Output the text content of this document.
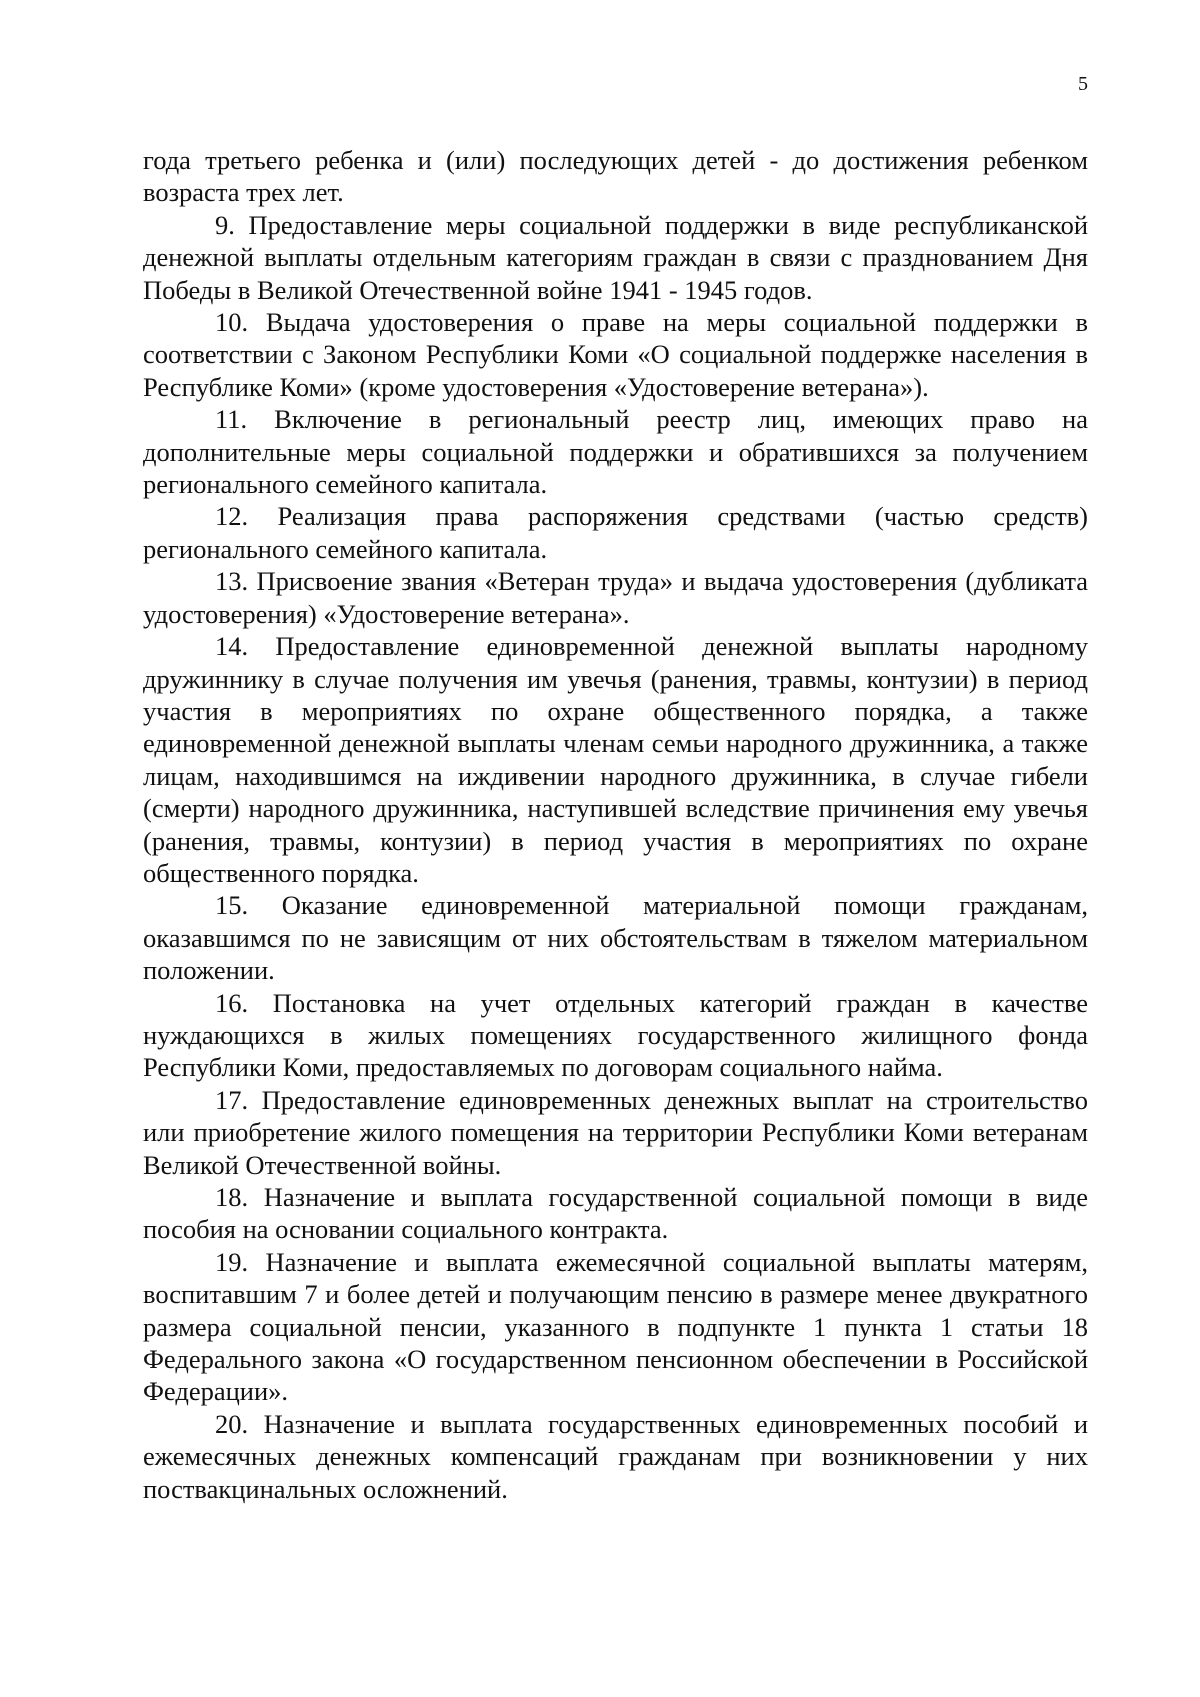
5

года третьего ребенка и (или) последующих детей - до достижения ребенком возраста трех лет.

9. Предоставление меры социальной поддержки в виде республиканской денежной выплаты отдельным категориям граждан в связи с празднованием Дня Победы в Великой Отечественной войне 1941 - 1945 годов.

10. Выдача удостоверения о праве на меры социальной поддержки в соответствии с Законом Республики Коми «О социальной поддержке населения в Республике Коми» (кроме удостоверения «Удостоверение ветерана»).

11. Включение в региональный реестр лиц, имеющих право на дополнительные меры социальной поддержки и обратившихся за получением регионального семейного капитала.

12. Реализация права распоряжения средствами (частью средств) регионального семейного капитала.

13. Присвоение звания «Ветеран труда» и выдача удостоверения (дубликата удостоверения) «Удостоверение ветерана».

14. Предоставление единовременной денежной выплаты народному дружиннику в случае получения им увечья (ранения, травмы, контузии) в период участия в мероприятиях по охране общественного порядка, а также единовременной денежной выплаты членам семьи народного дружинника, а также лицам, находившимся на иждивении народного дружинника, в случае гибели (смерти) народного дружинника, наступившей вследствие причинения ему увечья (ранения, травмы, контузии) в период участия в мероприятиях по охране общественного порядка.

15. Оказание единовременной материальной помощи гражданам, оказавшимся по не зависящим от них обстоятельствам в тяжелом материальном положении.

16. Постановка на учет отдельных категорий граждан в качестве нуждающихся в жилых помещениях государственного жилищного фонда Республики Коми, предоставляемых по договорам социального найма.

17. Предоставление единовременных денежных выплат на строительство или приобретение жилого помещения на территории Республики Коми ветеранам Великой Отечественной войны.

18. Назначение и выплата государственной социальной помощи в виде пособия на основании социального контракта.

19. Назначение и выплата ежемесячной социальной выплаты матерям, воспитавшим 7 и более детей и получающим пенсию в размере менее двукратного размера социальной пенсии, указанного в подпункте 1 пункта 1 статьи 18 Федерального закона «О государственном пенсионном обеспечении в Российской Федерации».

20. Назначение и выплата государственных единовременных пособий и ежемесячных денежных компенсаций гражданам при возникновении у них поствакцинальных осложнений.
